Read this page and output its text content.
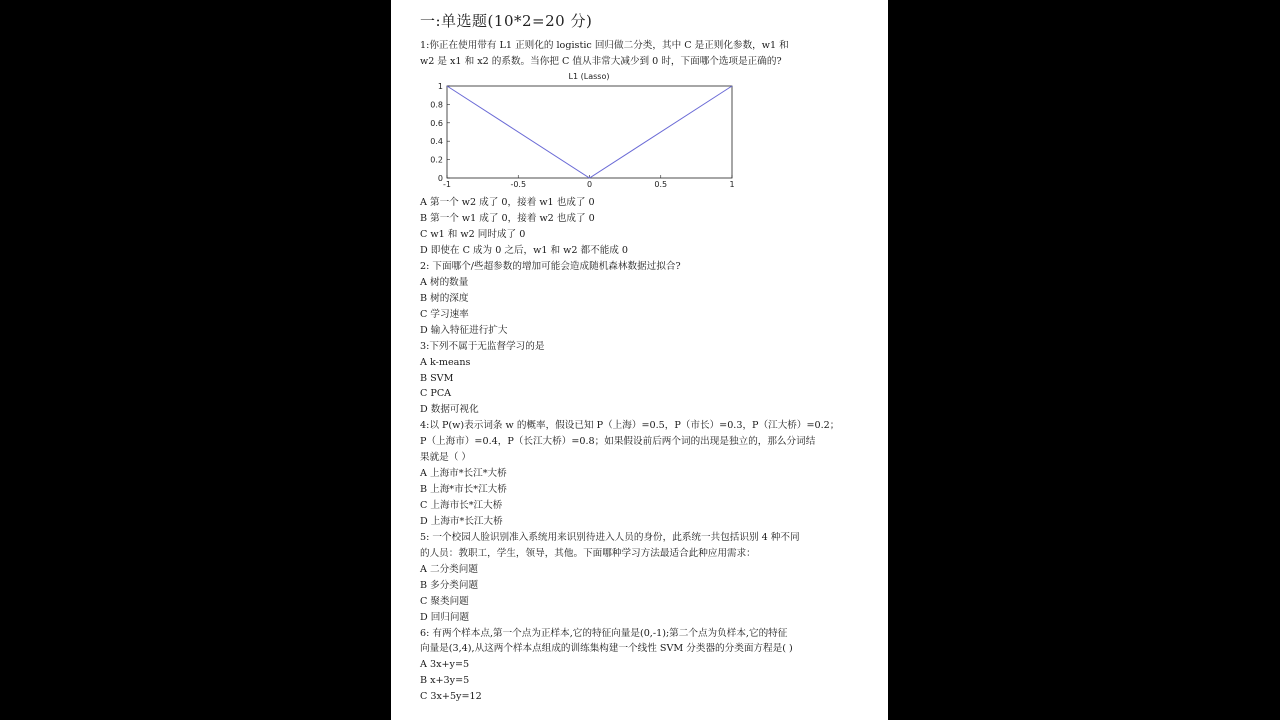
一:单选题(10*2=20 分)
1:你正在使用带有 L1 正则化的 logistic 回归做二分类，其中 C 是正则化参数，w1 和
w2 是 x1 和 x2 的系数。当你把 C 值从非常大减少到 0 时，下面哪个选项是正确的?
L1 (Lasso)
-1	-0.5	0	0.5	1
0
0.2
0.4
0.6
0.8
1
A 第一个 w2 成了 0，接着 w1 也成了 0
B 第一个 w1 成了 0，接着 w2 也成了 0
C w1 和 w2 同时成了 0
D 即使在 C 成为 0 之后，w1 和 w2 都不能成 0
2: 下面哪个/些超参数的增加可能会造成随机森林数据过拟合?
A 树的数量
B 树的深度
C 学习速率
D 输入特征进行扩大
3:下列不属于无监督学习的是
A k-means
B SVM
C PCA
D 数据可视化
4:以 P(w)表示词条 w 的概率，假设已知 P（上海）=0.5，P（市长）=0.3，P（江大桥）=0.2；
P（上海市）=0.4，P（长江大桥）=0.8；如果假设前后两个词的出现是独立的，那么分词结
果就是（ ）
A 上海市*长江*大桥
B 上海*市长*江大桥
C 上海市长*江大桥
D 上海市*长江大桥
5: 一个校园人脸识别准入系统用来识别待进入人员的身份，此系统一共包括识别 4 种不同
的人员：教职工，学生，领导，其他。下面哪种学习方法最适合此种应用需求：
A 二分类问题
B 多分类问题
C 聚类问题
D 回归问题
6: 有两个样本点,第一个点为正样本,它的特征向量是(0,-1);第二个点为负样本,它的特征
向量是(3,4),从这两个样本点组成的训练集构建一个线性 SVM 分类器的分类面方程是( )
A 3x+y=5
B x+3y=5
C 3x+5y=12
